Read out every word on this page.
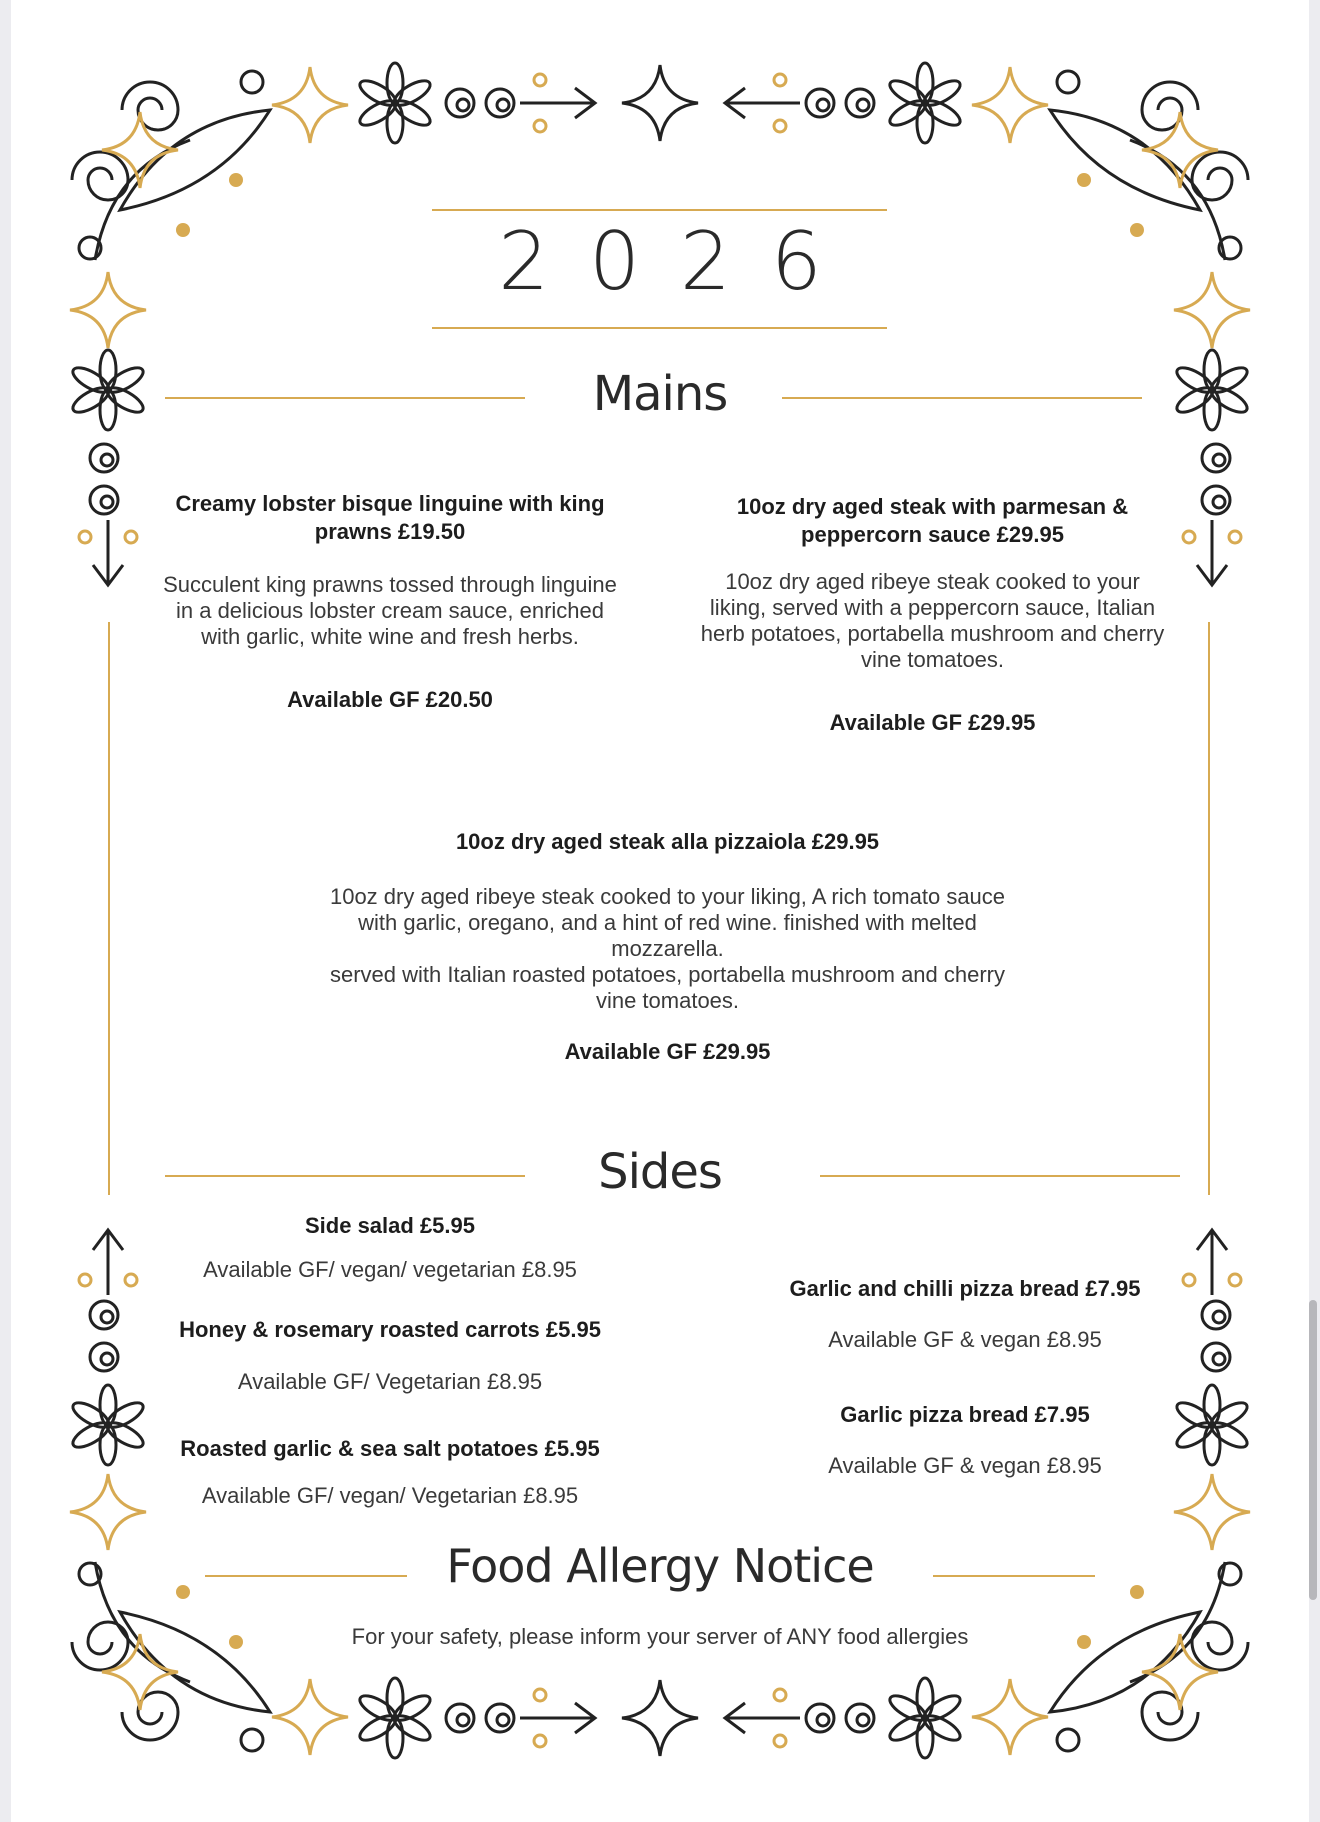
2026
Mains
Creamy lobster bisque linguine with king prawns £19.50
Succulent king prawns tossed through linguine in a delicious lobster cream sauce, enriched with garlic, white wine and fresh herbs.
Available GF £20.50
10oz dry aged steak with parmesan & peppercorn sauce £29.95
10oz dry aged ribeye steak cooked to your liking, served with a peppercorn sauce, Italian herb potatoes, portabella mushroom and cherry vine tomatoes.
Available GF £29.95
10oz dry aged steak alla pizzaiola £29.95
10oz dry aged ribeye steak cooked to your liking, A rich tomato sauce with garlic, oregano, and a hint of red wine. finished with melted mozzarella.
served with Italian roasted potatoes, portabella mushroom and cherry vine tomatoes.
Available GF £29.95
Sides
Side salad £5.95
Available GF/ vegan/ vegetarian £8.95
Honey & rosemary roasted carrots £5.95
Available GF/ Vegetarian £8.95
Roasted garlic & sea salt potatoes £5.95
Available GF/ vegan/ Vegetarian £8.95
Garlic and chilli pizza bread £7.95
Available GF & vegan £8.95
Garlic pizza bread £7.95
Available GF & vegan £8.95
Food Allergy Notice
For your safety, please inform your server of ANY food allergies
